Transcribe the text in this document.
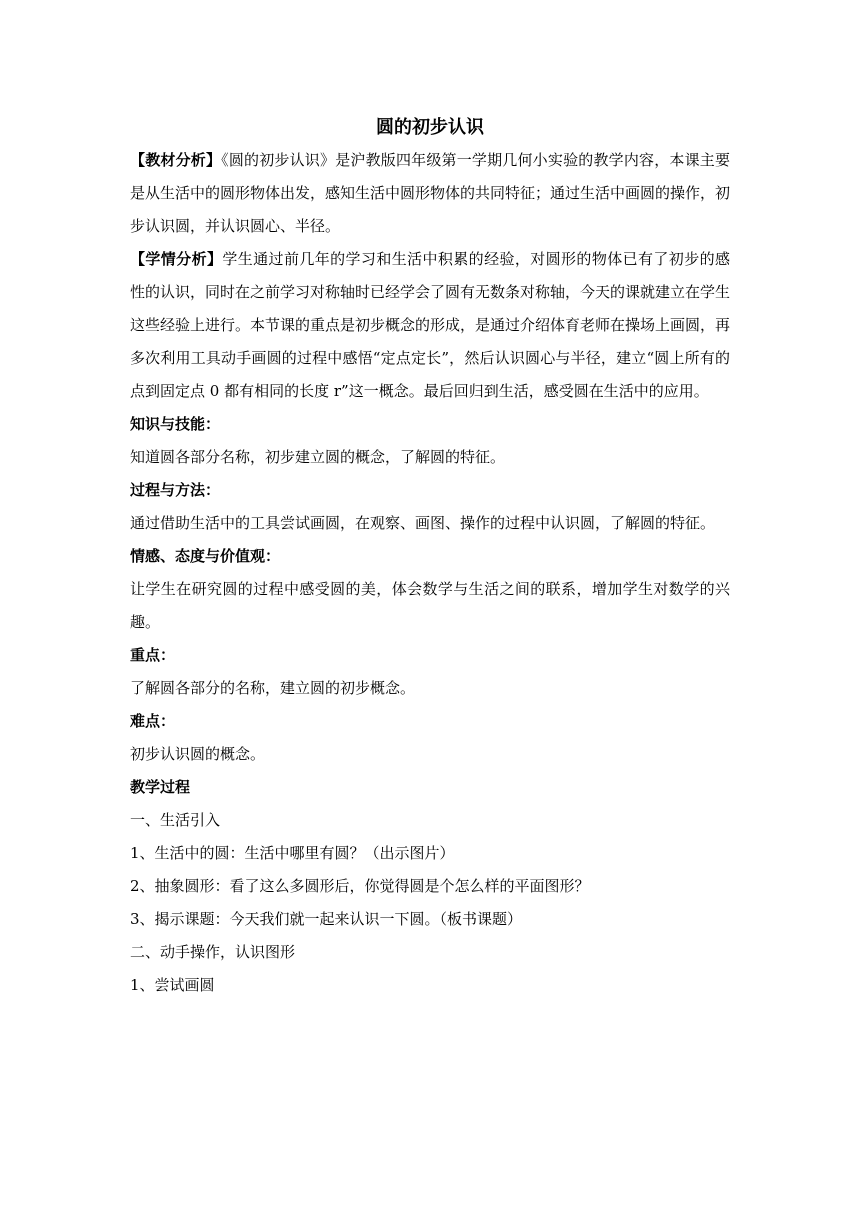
圆的初步认识

【教材分析】《圆的初步认识》是沪教版四年级第一学期几何小实验的教学内容，本课主要是从生活中的圆形物体出发，感知生活中圆形物体的共同特征；通过生活中画圆的操作，初步认识圆，并认识圆心、半径。

【学情分析】学生通过前几年的学习和生活中积累的经验，对圆形的物体已有了初步的感性的认识，同时在之前学习对称轴时已经学会了圆有无数条对称轴，今天的课就建立在学生这些经验上进行。本节课的重点是初步概念的形成，是通过介绍体育老师在操场上画圆，再多次利用工具动手画圆的过程中感悟“定点定长”，然后认识圆心与半径，建立“圆上所有的点到固定点 0 都有相同的长度 r”这一概念。最后回归到生活，感受圆在生活中的应用。

知识与技能：

知道圆各部分名称，初步建立圆的概念，了解圆的特征。

过程与方法：

通过借助生活中的工具尝试画圆，在观察、画图、操作的过程中认识圆，了解圆的特征。

情感、态度与价值观：

让学生在研究圆的过程中感受圆的美，体会数学与生活之间的联系，增加学生对数学的兴趣。

重点：

了解圆各部分的名称，建立圆的初步概念。

难点：

初步认识圆的概念。

教学过程

一、生活引入

1、生活中的圆：生活中哪里有圆？（出示图片）

2、抽象圆形：看了这么多圆形后，你觉得圆是个怎么样的平面图形？

3、揭示课题：今天我们就一起来认识一下圆。（板书课题）

二、动手操作，认识图形

1、尝试画圆
